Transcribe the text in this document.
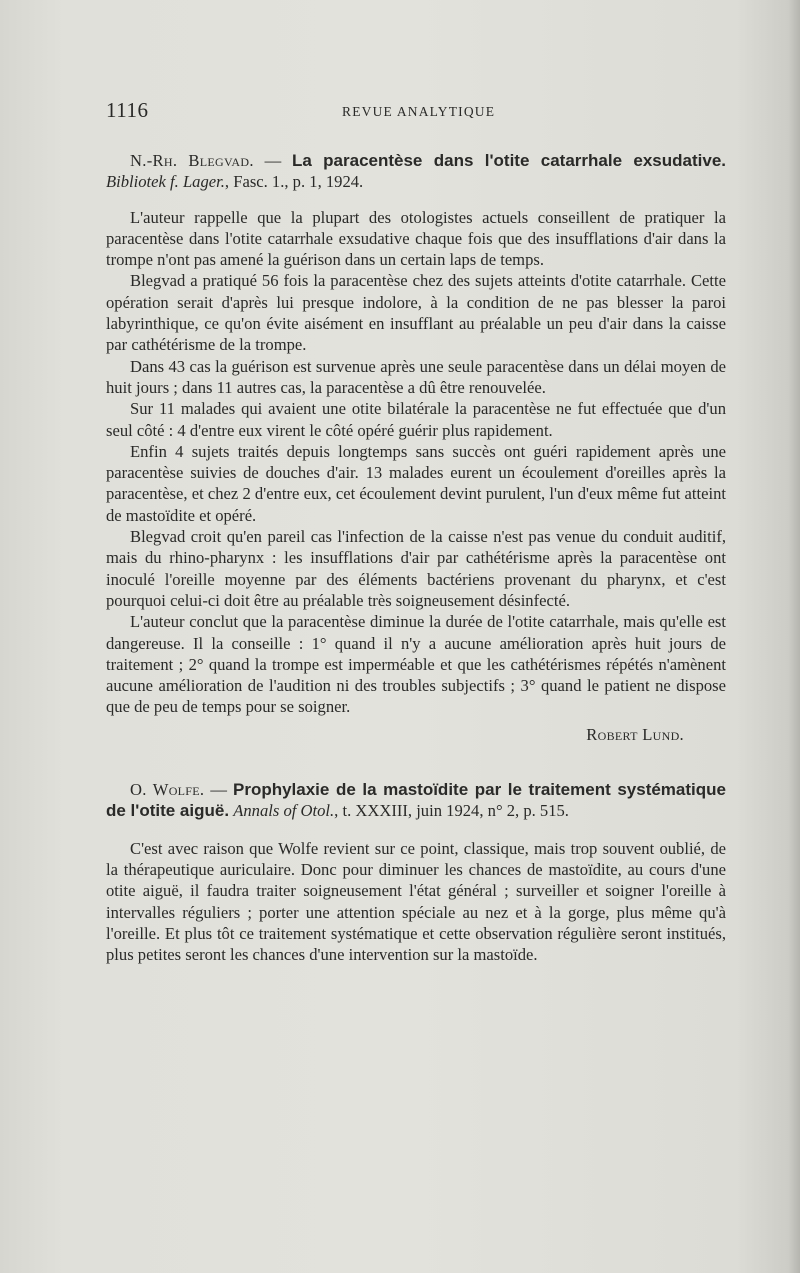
1116	REVUE ANALYTIQUE

N.-Rh. Blegvad. — La paracentèse dans l'otite catarrhale exsudative. Bibliotek f. Lager., Fasc. 1., p. 1, 1924.

L'auteur rappelle que la plupart des otologistes actuels conseillent de pratiquer la paracentèse dans l'otite catarrhale exsudative chaque fois que des insufflations d'air dans la trompe n'ont pas amené la guérison dans un certain laps de temps.

Blegvad a pratiqué 56 fois la paracentèse chez des sujets atteints d'otite catarrhale. Cette opération serait d'après lui presque indolore, à la condition de ne pas blesser la paroi labyrinthique, ce qu'on évite aisément en insufflant au préalable un peu d'air dans la caisse par cathétérisme de la trompe.

Dans 43 cas la guérison est survenue après une seule paracentèse dans un délai moyen de huit jours ; dans 11 autres cas, la paracentèse a dû être renouvelée.

Sur 11 malades qui avaient une otite bilatérale la paracentèse ne fut effectuée que d'un seul côté : 4 d'entre eux virent le côté opéré guérir plus rapidement.

Enfin 4 sujets traités depuis longtemps sans succès ont guéri rapidement après une paracentèse suivies de douches d'air. 13 malades eurent un écoulement d'oreilles après la paracentèse, et chez 2 d'entre eux, cet écoulement devint purulent, l'un d'eux même fut atteint de mastoïdite et opéré.

Blegvad croit qu'en pareil cas l'infection de la caisse n'est pas venue du conduit auditif, mais du rhino-pharynx : les insufflations d'air par cathétérisme après la paracentèse ont inoculé l'oreille moyenne par des éléments bactériens provenant du pharynx, et c'est pourquoi celui-ci doit être au préalable très soigneusement désinfecté.

L'auteur conclut que la paracentèse diminue la durée de l'otite catarrhale, mais qu'elle est dangereuse. Il la conseille : 1° quand il n'y a aucune amélioration après huit jours de traitement ; 2° quand la trompe est imperméable et que les cathétérismes répétés n'amènent aucune amélioration de l'audition ni des troubles subjectifs ; 3° quand le patient ne dispose que de peu de temps pour se soigner.

Robert Lund.

O. Wolfe. — Prophylaxie de la mastoïdite par le traitement systématique de l'otite aiguë. Annals of Otol., t. XXXIII, juin 1924, n° 2, p. 515.

C'est avec raison que Wolfe revient sur ce point, classique, mais trop souvent oublié, de la thérapeutique auriculaire. Donc pour diminuer les chances de mastoïdite, au cours d'une otite aiguë, il faudra traiter soigneusement l'état général ; surveiller et soigner l'oreille à intervalles réguliers ; porter une attention spéciale au nez et à la gorge, plus même qu'à l'oreille. Et plus tôt ce traitement systématique et cette observation régulière seront institués, plus petites seront les chances d'une intervention sur la mastoïde.
